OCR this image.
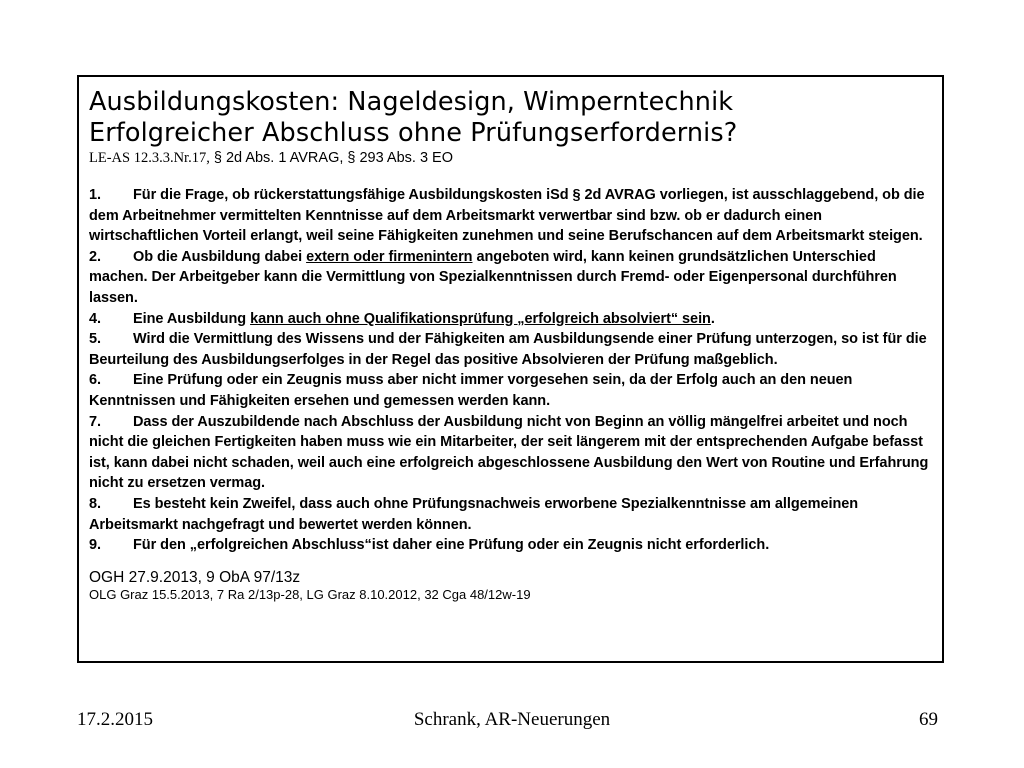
Ausbildungskosten: Nageldesign, Wimperntechnik
Erfolgreicher Abschluss ohne Prüfungserfordernis?

LE-AS 12.3.3.Nr.17, § 2d Abs. 1 AVRAG, § 293 Abs. 3 EO

1. Für die Frage, ob rückerstattungsfähige Ausbildungskosten iSd § 2d AVRAG vorliegen, ist ausschlaggebend, ob die dem Arbeitnehmer vermittelten Kenntnisse auf dem Arbeitsmarkt verwertbar sind bzw. ob er dadurch einen wirtschaftlichen Vorteil erlangt, weil seine Fähigkeiten zunehmen und seine Berufschancen auf dem Arbeitsmarkt steigen.

2. Ob die Ausbildung dabei extern oder firmenintern angeboten wird, kann keinen grundsätzlichen Unterschied machen. Der Arbeitgeber kann die Vermittlung von Spezialkenntnissen durch Fremd- oder Eigenpersonal durchführen lassen.

4. Eine Ausbildung kann auch ohne Qualifikationsprüfung „erfolgreich absolviert“ sein.

5. Wird die Vermittlung des Wissens und der Fähigkeiten am Ausbildungsende einer Prüfung unterzogen, so ist für die Beurteilung des Ausbildungserfolges in der Regel das positive Absolvieren der Prüfung maßgeblich.

6. Eine Prüfung oder ein Zeugnis muss aber nicht immer vorgesehen sein, da der Erfolg auch an den neuen Kenntnissen und Fähigkeiten ersehen und gemessen werden kann.

7. Dass der Auszubildende nach Abschluss der Ausbildung nicht von Beginn an völlig mängelfrei arbeitet und noch nicht die gleichen Fertigkeiten haben muss wie ein Mitarbeiter, der seit längerem mit der entsprechenden Aufgabe befasst ist, kann dabei nicht schaden, weil auch eine erfolgreich abgeschlossene Ausbildung den Wert von Routine und Erfahrung nicht zu ersetzen vermag.

8. Es besteht kein Zweifel, dass auch ohne Prüfungsnachweis erworbene Spezialkenntnisse am allgemeinen Arbeitsmarkt nachgefragt und bewertet werden können.

9. Für den „erfolgreichen Abschluss“ist daher eine Prüfung oder ein Zeugnis nicht erforderlich.

OGH 27.9.2013, 9 ObA 97/13z

OLG Graz 15.5.2013, 7 Ra 2/13p-28, LG Graz 8.10.2012, 32 Cga 48/12w-19

17.2.2015	Schrank, AR-Neuerungen	69
